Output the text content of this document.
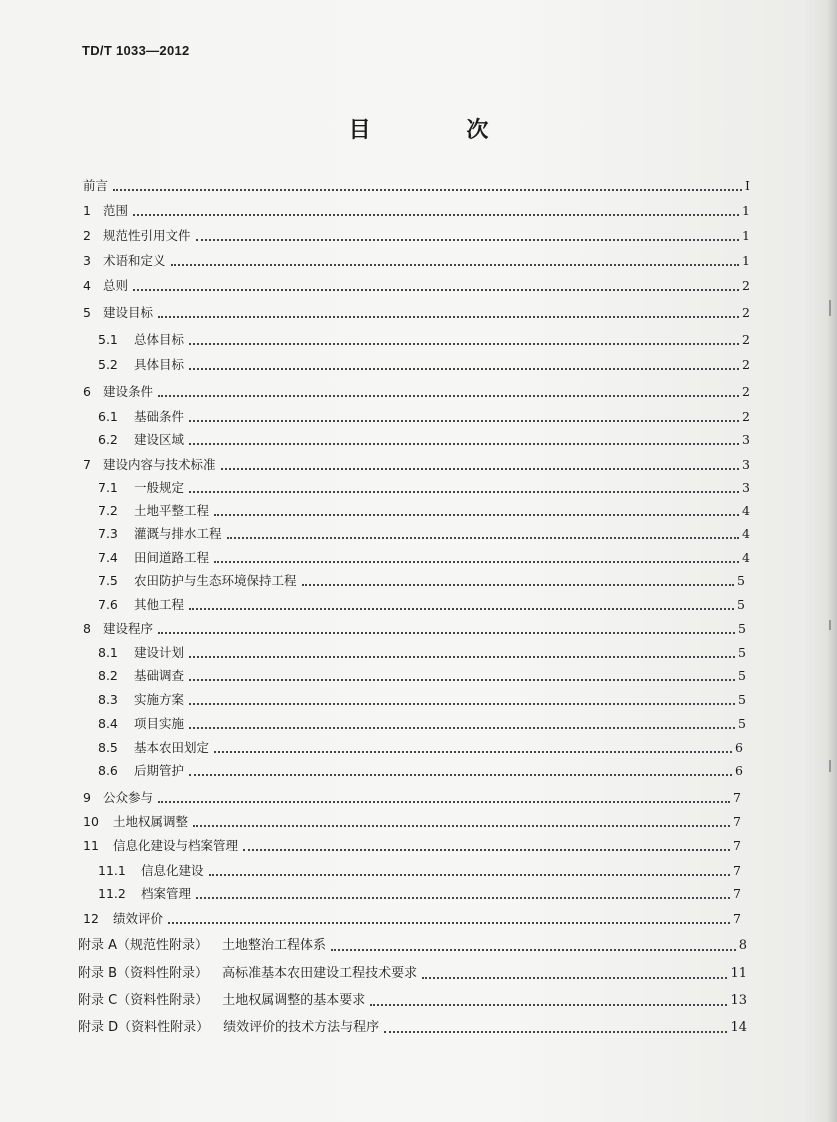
TD/T 1033—2012
目 次
前言	I
1 范围	1
2 规范性引用文件	1
3 术语和定义	1
4 总则	2
5 建设目标	2
5.1	总体目标	2
5.2	具体目标	2
6 建设条件	2
6.1	基础条件	2
6.2	建设区域	3
7 建设内容与技术标准	3
7.1	一般规定	3
7.2	土地平整工程	4
7.3	灌溉与排水工程	4
7.4	田间道路工程	4
7.5	农田防护与生态环境保持工程	5
7.6	其他工程	5
8 建设程序	5
8.1	建设计划	5
8.2	基础调查	5
8.3	实施方案	5
8.4	项目实施	5
8.5	基本农田划定	6
8.6	后期管护	6
9 公众参与	7
10	土地权属调整	7
11	信息化建设与档案管理	7
11.1	信息化建设	7
11.2	档案管理	7
12	绩效评价	7
附录 A（规范性附录） 土地整治工程体系	8
附录 B（资料性附录） 高标准基本农田建设工程技术要求	11
附录 C（资料性附录） 土地权属调整的基本要求	13
附录 D（资料性附录） 绩效评价的技术方法与程序	14
